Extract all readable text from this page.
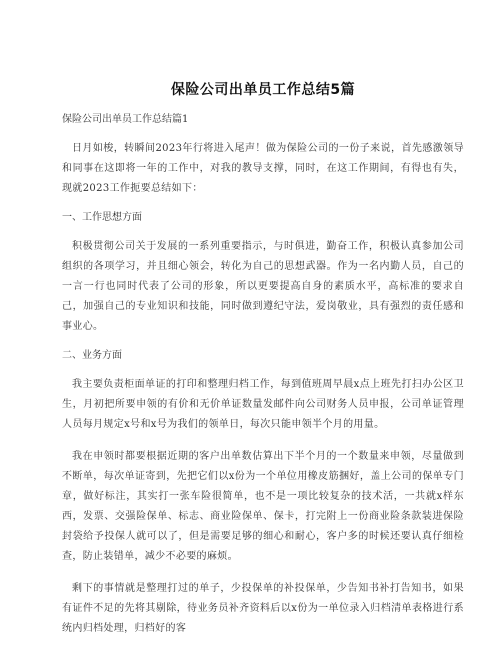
保险公司出单员工作总结5篇

保险公司出单员工作总结篇1

日月如梭，转瞬间2023年行将进入尾声！做为保险公司的一份子来说，首先感激领导和同事在这即将一年的工作中，对我的教导支撑，同时，在这工作期间，有得也有失，现就2023工作扼要总结如下：

一、工作思想方面

积极贯彻公司关于发展的一系列重要指示，与时俱进，勤奋工作，积极认真参加公司组织的各项学习，并且细心领会，转化为自己的思想武器。作为一名内勤人员，自己的一言一行也同时代表了公司的形象，所以更要提高自身的素质水平，高标准的要求自己，加强自己的专业知识和技能，同时做到遵纪守法，爱岗敬业，具有强烈的责任感和事业心。

二、业务方面

我主要负责柜面单证的打印和整理归档工作，每到值班周早晨x点上班先打扫办公区卫生，月初把所要申领的有价和无价单证数量发邮件向公司财务人员申报，公司单证管理人员每月规定x号和x号为我们的领单日，每次只能申领半个月的用量。

我在申领时都要根据近期的客户出单数估算出下半个月的一个数量来申领，尽量做到不断单，每次单证寄到，先把它们以x份为一个单位用橡皮筋捆好，盖上公司的保单专门章，做好标注，其实打一张车险很简单，也不是一项比较复杂的技术活，一共就x样东西，发票、交强险保单、标志、商业险保单、保卡，打完附上一份商业险条款装进保险封袋给予投保人就可以了，但是需要足够的细心和耐心，客户多的时候还要认真仔细检查，防止装错单，减少不必要的麻烦。

剩下的事情就是整理打过的单子，少投保单的补投保单，少告知书补打告知书，如果有证件不足的先将其剔除，待业务员补齐资料后以x份为一单位录入归档清单表格进行系统内归档处理，归档好的客
